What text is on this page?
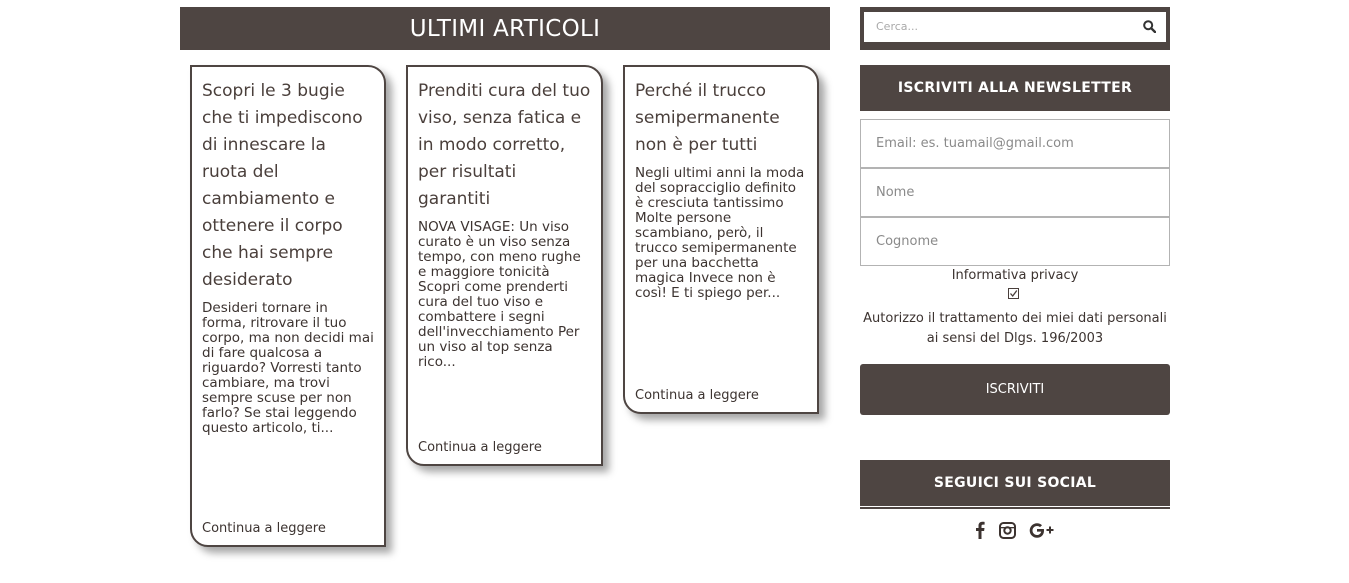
ULTIMI ARTICOLI

Scopri le 3 bugie che ti impediscono di innescare la ruota del cambiamento e ottenere il corpo che hai sempre desiderato

Desideri tornare in forma, ritrovare il tuo corpo, ma non decidi mai di fare qualcosa a riguardo? Vorresti tanto cambiare, ma trovi sempre scuse per non farlo? Se stai leggendo questo articolo, ti...
Continua a leggere

Prenditi cura del tuo viso, senza fatica e in modo corretto, per risultati garantiti

NOVA VISAGE: Un viso curato è un viso senza tempo, con meno rughe e maggiore tonicità Scopri come prenderti cura del tuo viso e combattere i segni dell'invecchiamento Per un viso al top senza rico...
Continua a leggere

Perché il trucco semipermanente non è per tutti

Negli ultimi anni la moda del sopracciglio definito è cresciuta tantissimo Molte persone scambiano, però, il trucco semipermanente per una bacchetta magica Invece non è così! E ti spiego per...
Continua a leggere
Cerca...
ISCRIVITI ALLA NEWSLETTER
Email: es. tuamail@gmail.com
Nome
Cognome
Informativa privacy
Autorizzo il trattamento dei miei dati personali ai sensi del Dlgs. 196/2003
ISCRIVITI
SEGUICI SUI SOCIAL
